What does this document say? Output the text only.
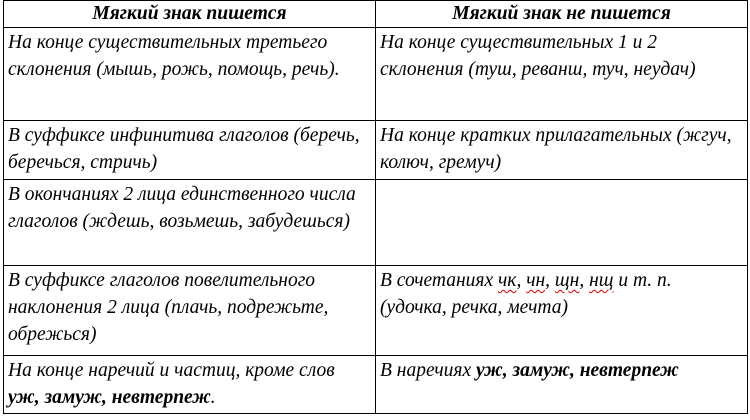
Мягкий знак пишется	Мягкий знак не пишется
На конце существительных третьего склонения (мышь, рожь, помощь, речь).	На конце существительных 1 и 2 склонения (туш, реванш, туч, неудач)
В суффиксе инфинитива глаголов (беречь, беречься, стричь)	На конце кратких прилагательных (жгуч, колюч, гремуч)
В окончаниях 2 лица единственного числа глаголов (ждешь, возьмешь, забудешься)	
В суффиксе глаголов повелительного наклонения 2 лица (плачь, подрежьте, обрежься)	В сочетаниях чк, чн, щн, нщ и т. п. (удочка, речка, мечта)
На конце наречий и частиц, кроме слов уж, замуж, невтерпеж.	В наречиях уж, замуж, невтерпеж
